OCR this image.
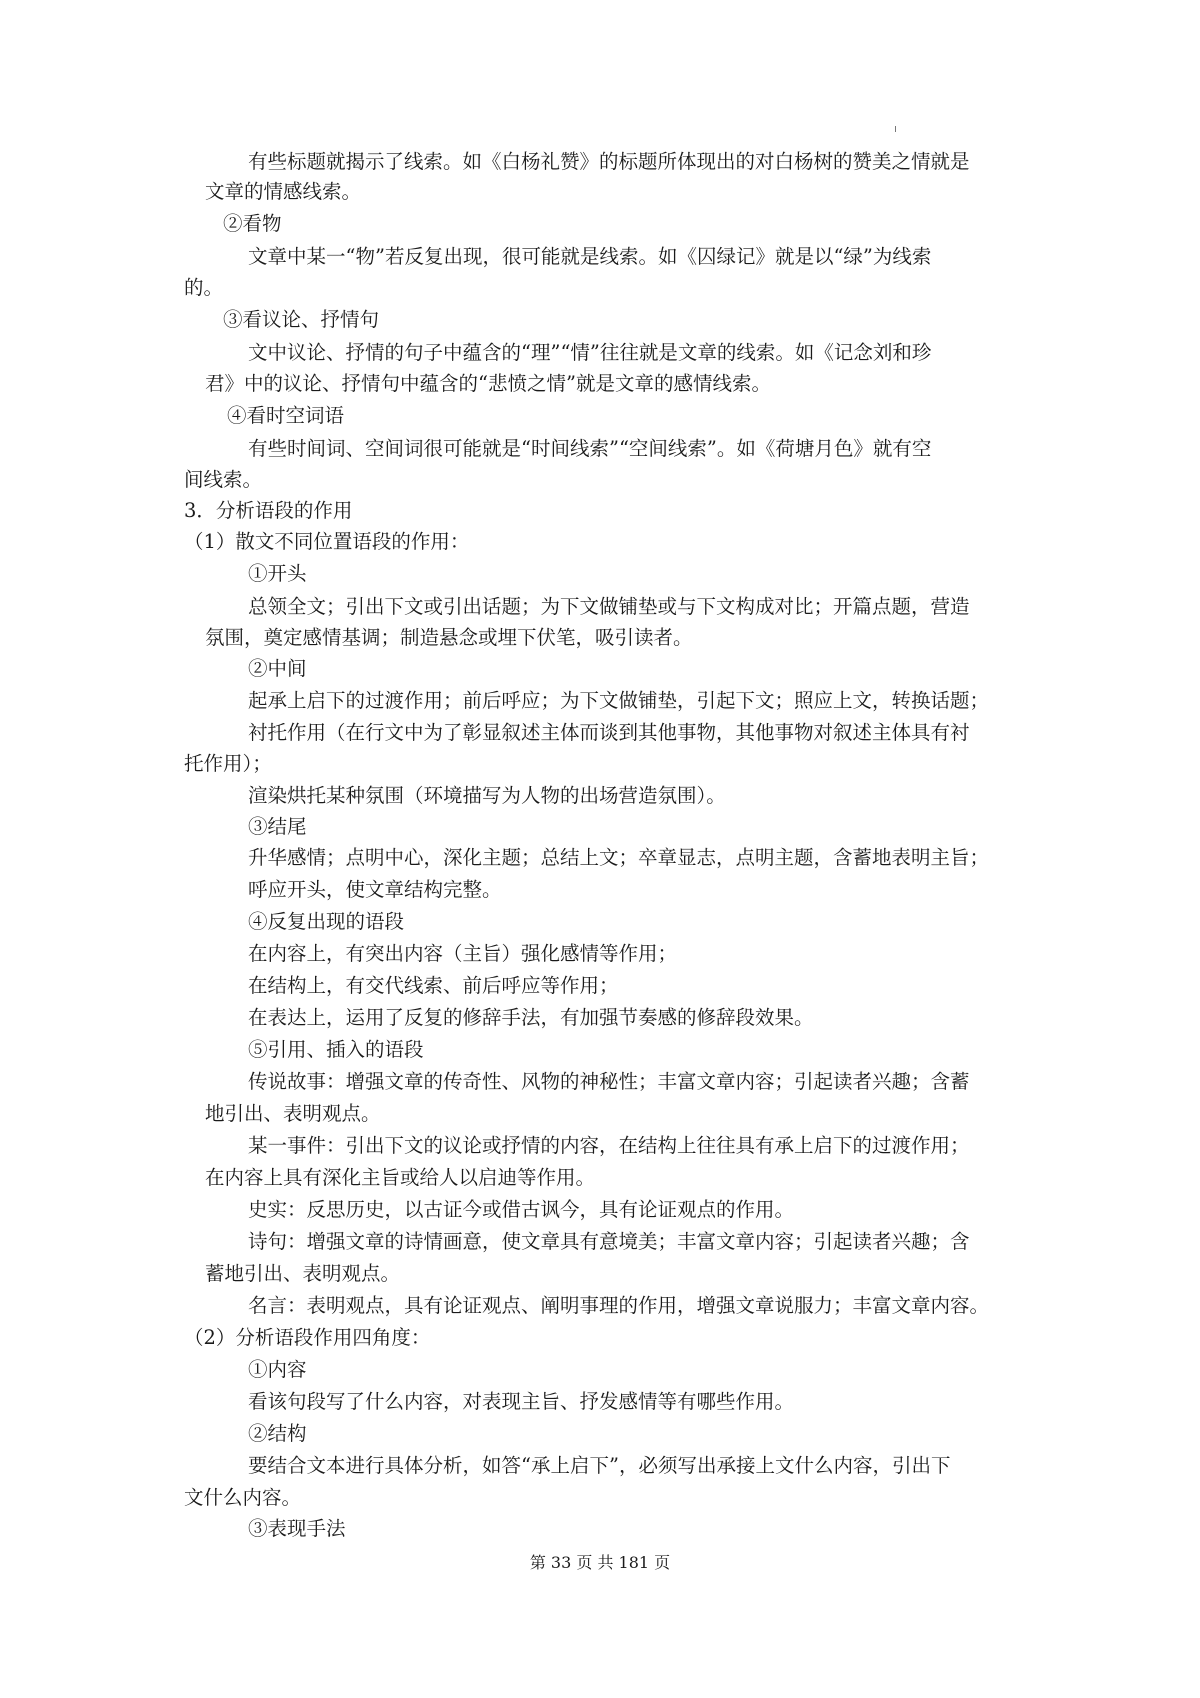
有些标题就揭示了线索。如《白杨礼赞》的标题所体现出的对白杨树的赞美之情就是
文章的情感线索。
②看物
文章中某一“物”若反复出现，很可能就是线索。如《囚绿记》就是以“绿”为线索
的。
③看议论、抒情句
文中议论、抒情的句子中蕴含的“理”“情”往往就是文章的线索。如《记念刘和珍
君》中的议论、抒情句中蕴含的“悲愤之情”就是文章的感情线索。
④看时空词语
有些时间词、空间词很可能就是“时间线索”“空间线索”。如《荷塘月色》就有空
间线索。
3．分析语段的作用
（1）散文不同位置语段的作用：
①开头
总领全文；引出下文或引出话题；为下文做铺垫或与下文构成对比；开篇点题，营造
氛围，奠定感情基调；制造悬念或埋下伏笔，吸引读者。
②中间
起承上启下的过渡作用；前后呼应；为下文做铺垫，引起下文；照应上文，转换话题；
衬托作用（在行文中为了彰显叙述主体而谈到其他事物，其他事物对叙述主体具有衬
托作用）；
渲染烘托某种氛围（环境描写为人物的出场营造氛围）。
③结尾
升华感情；点明中心，深化主题；总结上文；卒章显志，点明主题，含蓄地表明主旨；
呼应开头，使文章结构完整。
④反复出现的语段
在内容上，有突出内容（主旨）强化感情等作用；
在结构上，有交代线索、前后呼应等作用；
在表达上，运用了反复的修辞手法，有加强节奏感的修辞段效果。
⑤引用、插入的语段
传说故事：增强文章的传奇性、风物的神秘性；丰富文章内容；引起读者兴趣；含蓄
地引出、表明观点。
某一事件：引出下文的议论或抒情的内容，在结构上往往具有承上启下的过渡作用；
在内容上具有深化主旨或给人以启迪等作用。
史实：反思历史，以古证今或借古讽今，具有论证观点的作用。
诗句：增强文章的诗情画意，使文章具有意境美；丰富文章内容；引起读者兴趣；含
蓄地引出、表明观点。
名言：表明观点，具有论证观点、阐明事理的作用，增强文章说服力；丰富文章内容。
（2）分析语段作用四角度：
①内容
看该句段写了什么内容，对表现主旨、抒发感情等有哪些作用。
②结构
要结合文本进行具体分析，如答“承上启下”，必须写出承接上文什么内容，引出下
文什么内容。
③表现手法
第 33 页 共 181 页
